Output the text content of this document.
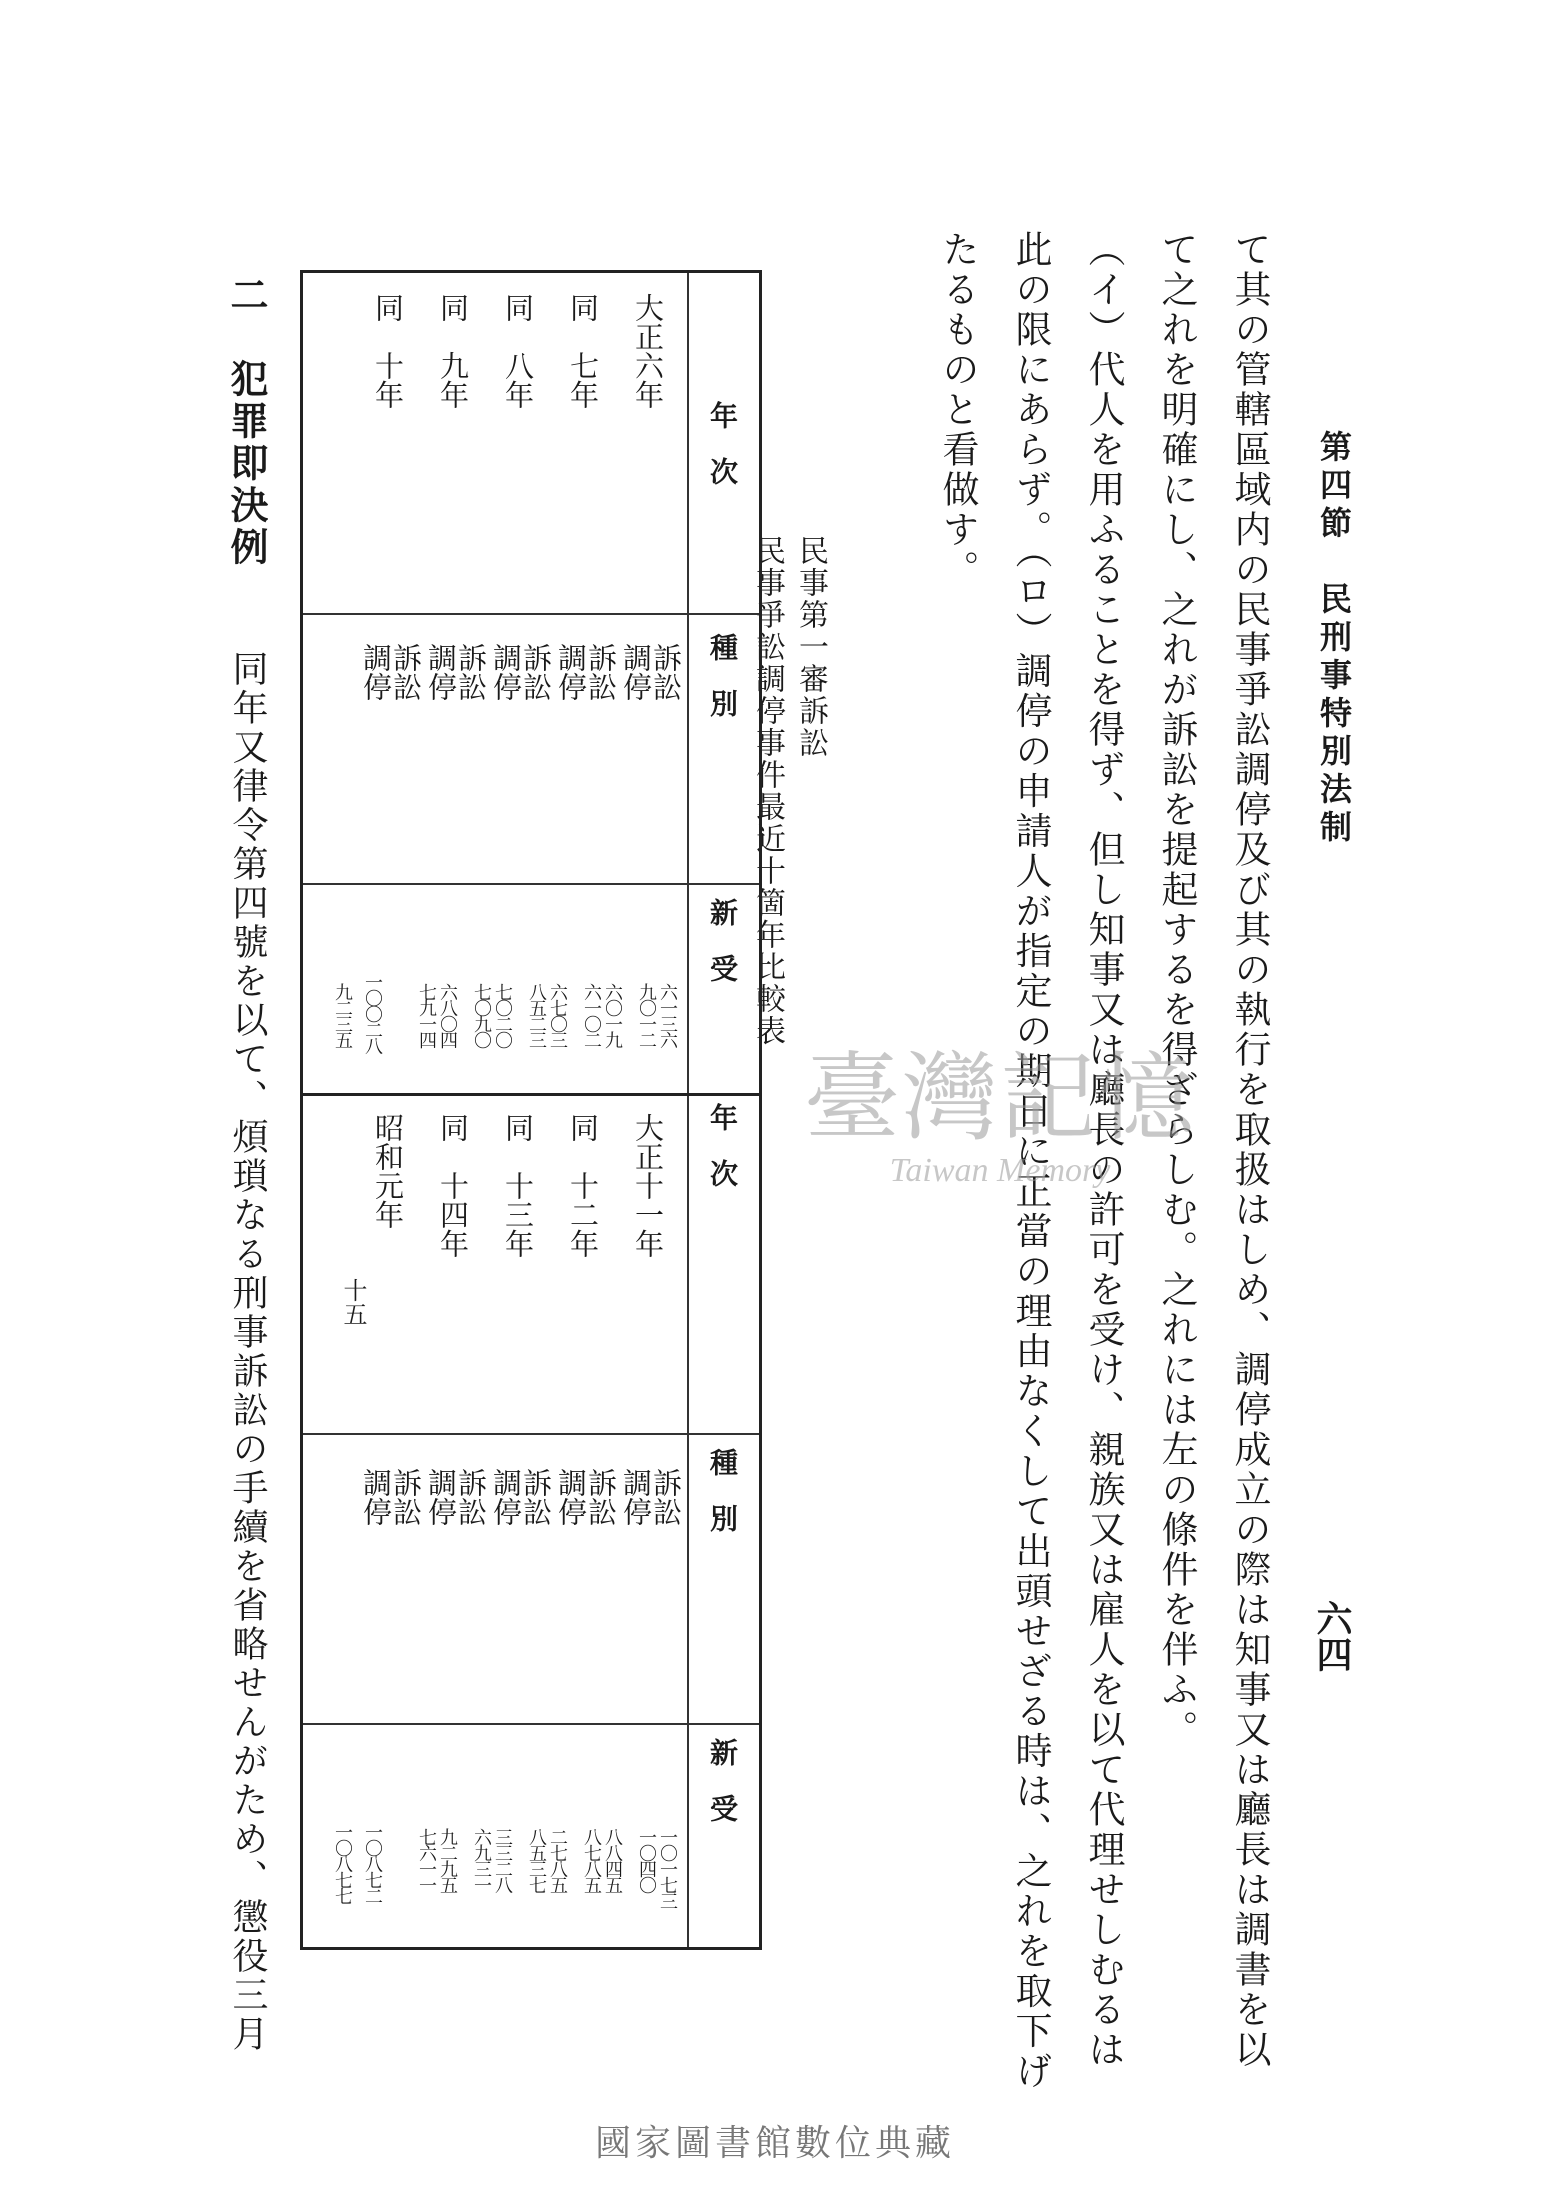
第四節　民刑事特別法制
六四
て其の管轄區域内の民事爭訟調停及び其の執行を取扱はしめ、調停成立の際は知事又は廳長は調書を以
て之れを明確にし、之れが訴訟を提起するを得ざらしむ。之れには左の條件を伴ふ。
（イ）代人を用ふることを得ず、但し知事又は廳長の許可を受け、親族又は雇人を以て代理せしむるは
此の限にあらず。（ロ）調停の申請人が指定の期日に正當の理由なくして出頭せざる時は、之れを取下げ
たるものと看做す。
民事第一審訴訟
民事爭訟調停事件最近十箇年比較表
年　次
種　別
新　受
年　次
種　別
新　受
大正六年
同　七年
同　八年
同　九年
同　十年
訴訟
調停
訴訟
調停
訴訟
調停
訴訟
調停
訴訟
調停
六一三六
九〇一二
六〇一九
六一〇二
六七〇三
八五二三
七〇二〇
七〇九〇
六八〇四
七九一四
一〇〇二八
九二三五
大正十一年
同　十二年
同　十三年
同　十四年
昭和元年
十五
訴訟
調停
訴訟
調停
訴訟
調停
訴訟
調停
訴訟
調停
一〇一七三
一〇四〇
八八四五
八七八五
二七八五
八五三七
三三二八
六九三一
九二九五
七六一一
一〇八七二
一〇八七七
二　犯罪即決例
同年又律令第四號を以て、煩瑣なる刑事訴訟の手續を省略せんがため、懲役三月	臺灣記憶
Taiwan Memory
國家圖書館數位典藏
